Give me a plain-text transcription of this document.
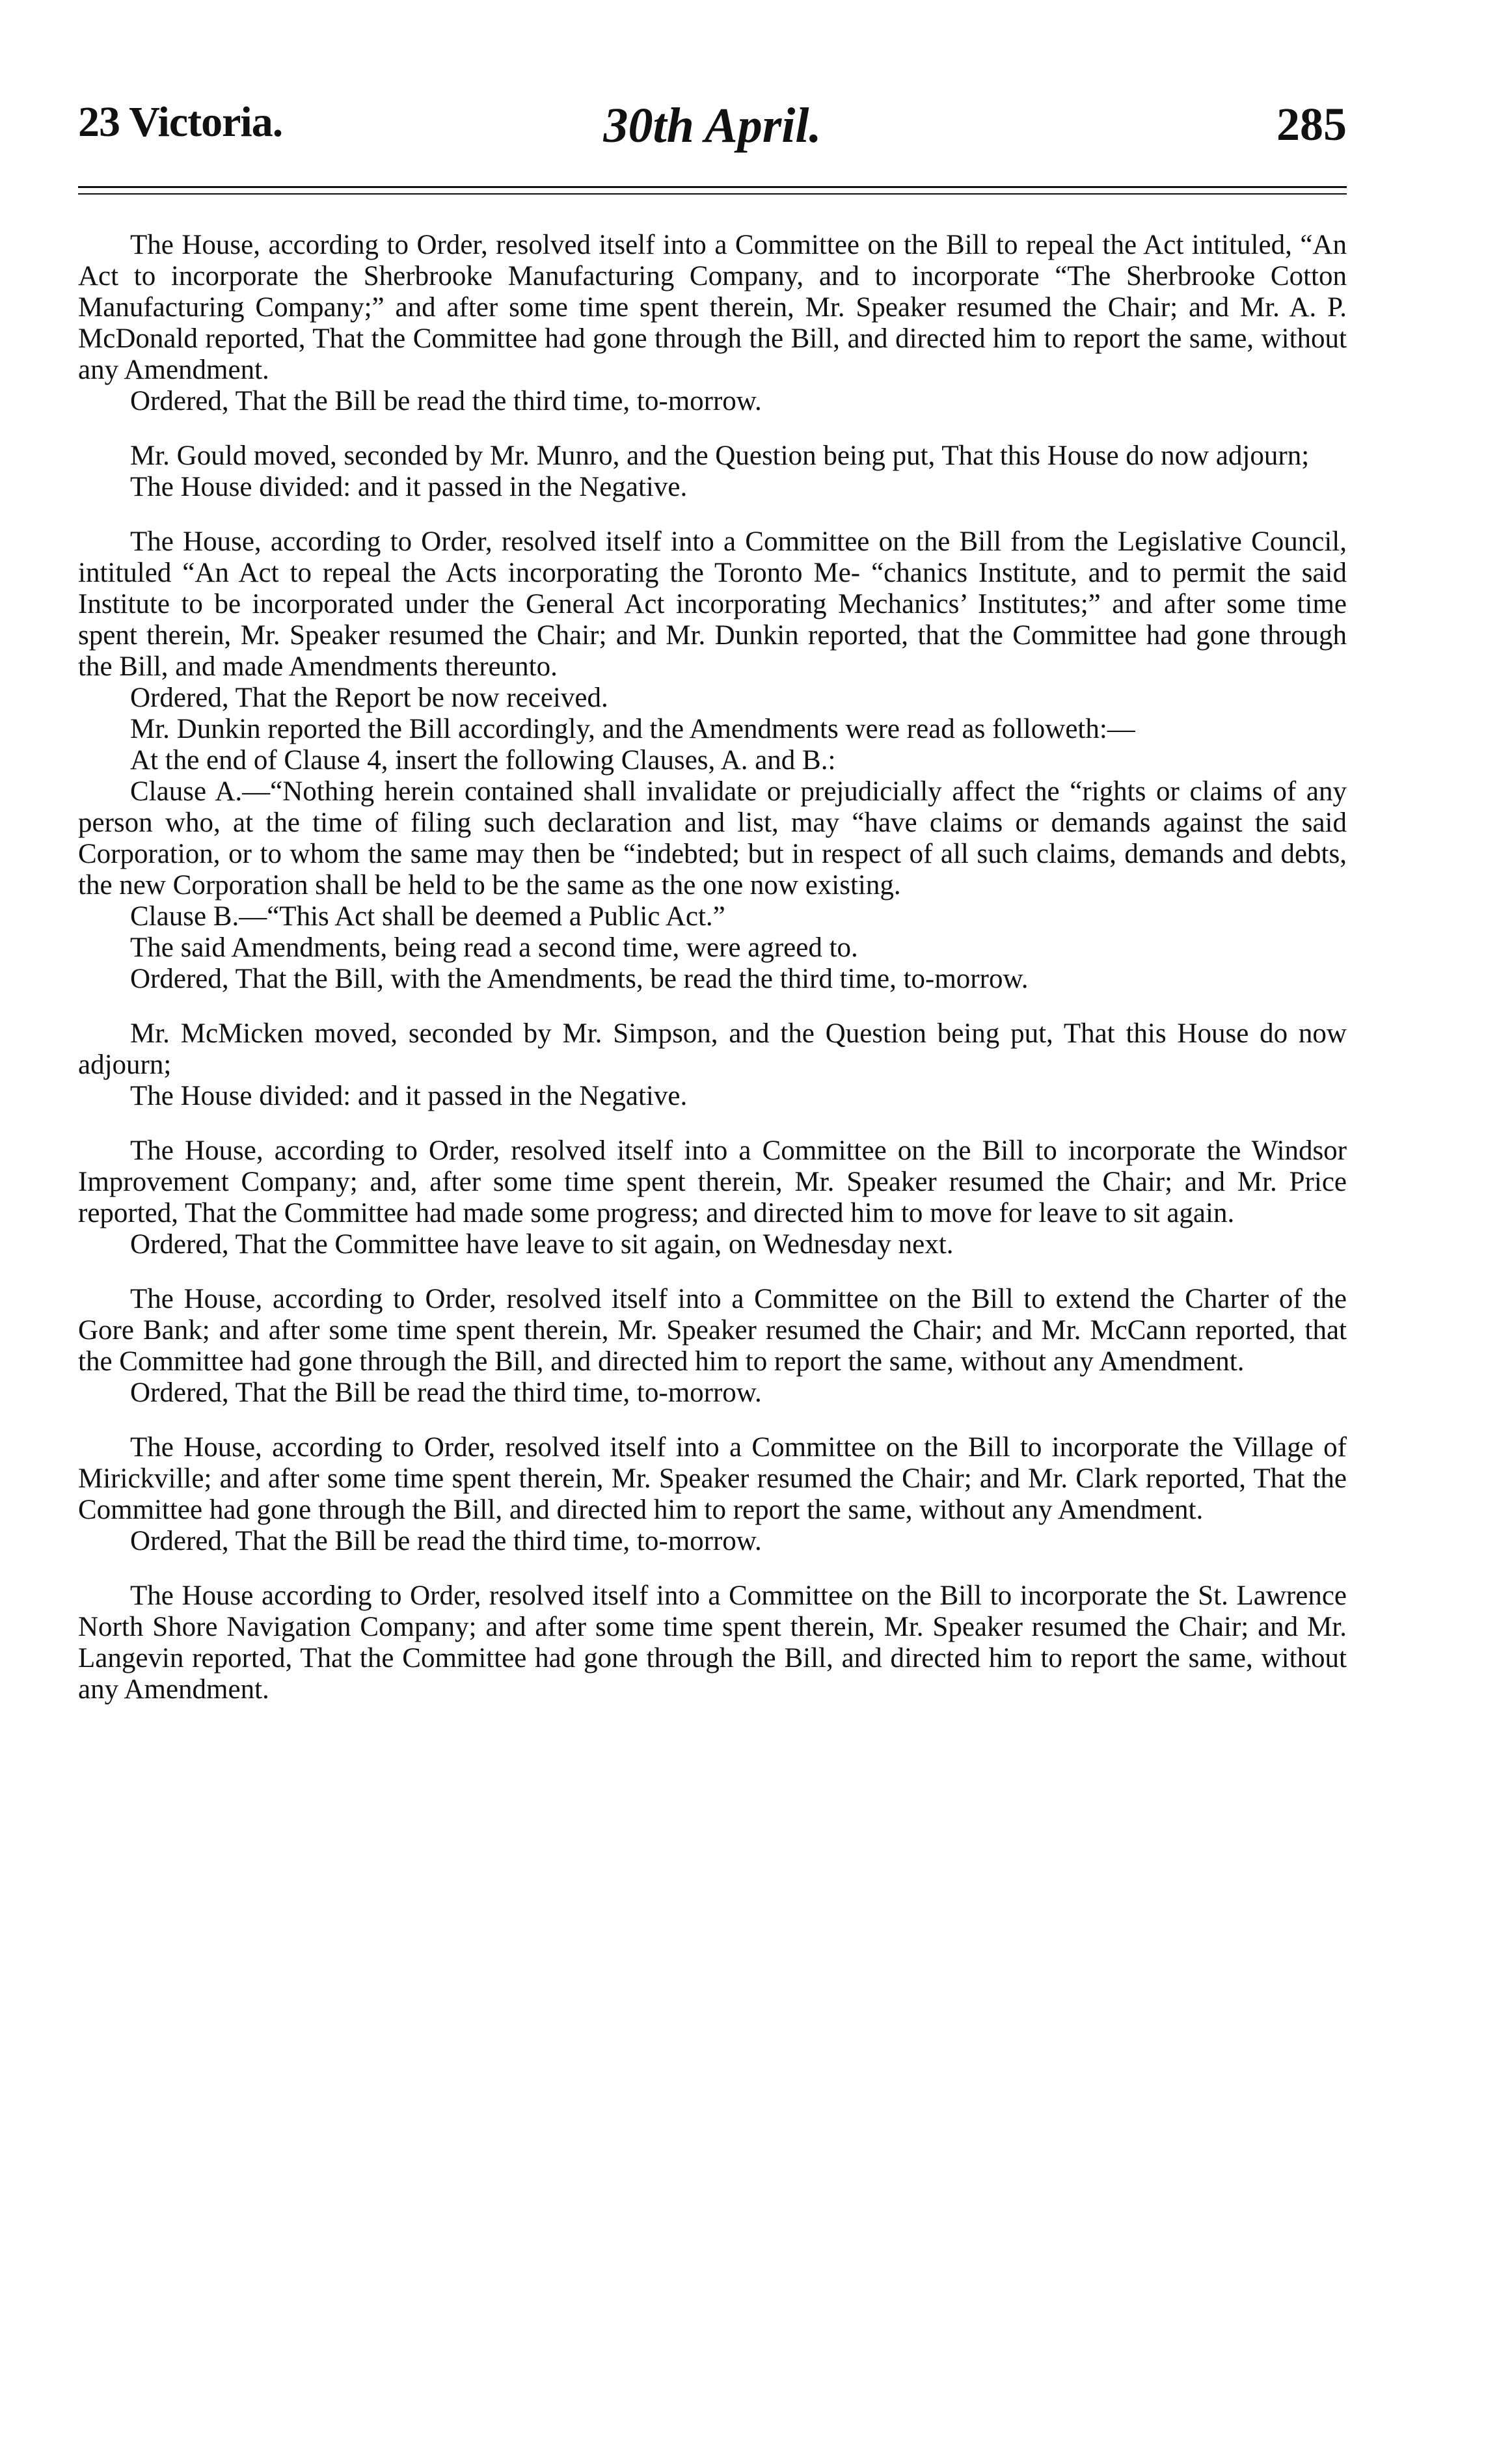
23 Victoria.	30th April.	285

The House, according to Order, resolved itself into a Committee on the Bill to repeal the Act intituled, “An Act to incorporate the Sherbrooke Manufacturing Company, and to incorporate “The Sherbrooke Cotton Manufacturing Company;” and after some time spent therein, Mr. Speaker resumed the Chair; and Mr. A. P. McDonald reported, That the Committee had gone through the Bill, and directed him to report the same, without any Amendment.

Ordered, That the Bill be read the third time, to-morrow.

Mr. Gould moved, seconded by Mr. Munro, and the Question being put, That this House do now adjourn;

The House divided: and it passed in the Negative.

The House, according to Order, resolved itself into a Committee on the Bill from the Legislative Council, intituled “An Act to repeal the Acts incorporating the Toronto Me- “chanics Institute, and to permit the said Institute to be incorporated under the General Act incorporating Mechanics’ Institutes;” and after some time spent therein, Mr. Speaker resumed the Chair; and Mr. Dunkin reported, that the Committee had gone through the Bill, and made Amendments thereunto.

Ordered, That the Report be now received.

Mr. Dunkin reported the Bill accordingly, and the Amendments were read as followeth:—

At the end of Clause 4, insert the following Clauses, A. and B.:

Clause A.—“Nothing herein contained shall invalidate or prejudicially affect the “rights or claims of any person who, at the time of filing such declaration and list, may “have claims or demands against the said Corporation, or to whom the same may then be “indebted; but in respect of all such claims, demands and debts, the new Corporation shall be held to be the same as the one now existing.

Clause B.—“This Act shall be deemed a Public Act.”

The said Amendments, being read a second time, were agreed to.

Ordered, That the Bill, with the Amendments, be read the third time, to-morrow.

Mr. McMicken moved, seconded by Mr. Simpson, and the Question being put, That this House do now adjourn;

The House divided: and it passed in the Negative.

The House, according to Order, resolved itself into a Committee on the Bill to incorporate the Windsor Improvement Company; and, after some time spent therein, Mr. Speaker resumed the Chair; and Mr. Price reported, That the Committee had made some progress; and directed him to move for leave to sit again.

Ordered, That the Committee have leave to sit again, on Wednesday next.

The House, according to Order, resolved itself into a Committee on the Bill to extend the Charter of the Gore Bank; and after some time spent therein, Mr. Speaker resumed the Chair; and Mr. McCann reported, that the Committee had gone through the Bill, and directed him to report the same, without any Amendment.

Ordered, That the Bill be read the third time, to-morrow.

The House, according to Order, resolved itself into a Committee on the Bill to incorporate the Village of Mirickville; and after some time spent therein, Mr. Speaker resumed the Chair; and Mr. Clark reported, That the Committee had gone through the Bill, and directed him to report the same, without any Amendment.

Ordered, That the Bill be read the third time, to-morrow.

The House according to Order, resolved itself into a Committee on the Bill to incorporate the St. Lawrence North Shore Navigation Company; and after some time spent therein, Mr. Speaker resumed the Chair; and Mr. Langevin reported, That the Committee had gone through the Bill, and directed him to report the same, without any Amendment.
